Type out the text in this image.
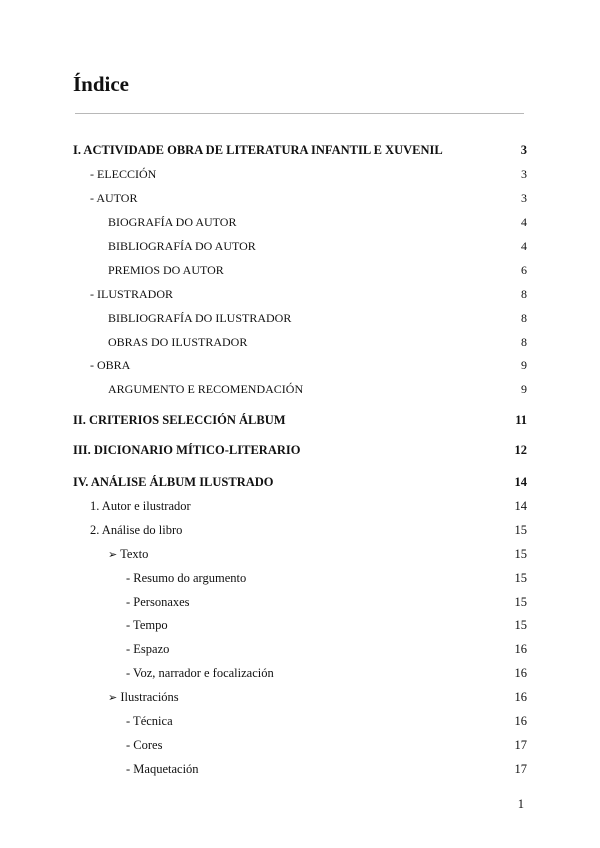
Índice
I. ACTIVIDADE OBRA DE LITERATURA INFANTIL E XUVENIL	3
- ELECCIÓN	3
- AUTOR	3
BIOGRAFÍA DO AUTOR	4
BIBLIOGRAFÍA DO AUTOR	4
PREMIOS DO AUTOR	6
- ILUSTRADOR	8
BIBLIOGRAFÍA DO ILUSTRADOR	8
OBRAS DO ILUSTRADOR	8
- OBRA	9
ARGUMENTO E RECOMENDACIÓN	9
II. CRITERIOS SELECCIÓN ÁLBUM	11
III. DICIONARIO MÍTICO-LITERARIO	12
IV. ANÁLISE ÁLBUM ILUSTRADO	14
1. Autor e ilustrador	14
2. Análise do libro	15
➢ Texto	15
- Resumo do argumento	15
- Personaxes	15
- Tempo	15
- Espazo	16
- Voz, narrador e focalización	16
➢ Ilustracións	16
- Técnica	16
- Cores	17
- Maquetación	17
1
